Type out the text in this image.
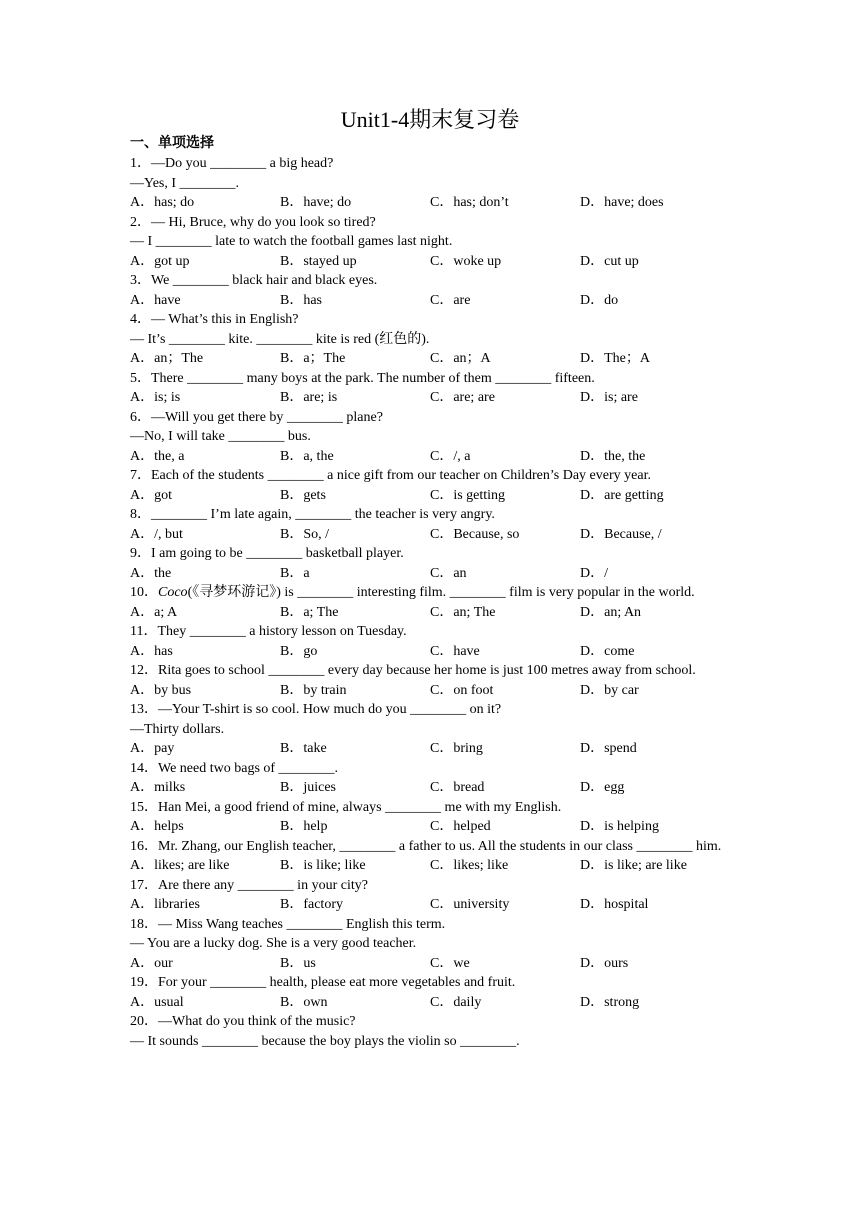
Unit1-4期末复习卷
一、单项选择
1．—Do you ________ a big head?
—Yes, I ________.
A．has; do	B．have; do	C．has; don’t	D．have; does
2．— Hi, Bruce, why do you look so tired?
— I ________ late to watch the football games last night.
A．got up	B．stayed up	C．woke up	D．cut up
3．We ________ black hair and black eyes.
A．have	B．has	C．are	D．do
4．— What’s this in English?
— It’s ________ kite. ________ kite is red (红色的).
A．an；The	B．a；The	C．an；A	D．The；A
5．There ________ many boys at the park. The number of them ________ fifteen.
A．is; is	B．are; is	C．are; are	D．is; are
6．—Will you get there by ________ plane?
—No, I will take ________ bus.
A．the, a	B．a, the	C．/, a	D．the, the
7．Each of the students ________ a nice gift from our teacher on Children’s Day every year.
A．got	B．gets	C．is getting	D．are getting
8．________ I’m late again, ________ the teacher is very angry.
A．/, but	B．So, /	C．Because, so	D．Because, /
9．I am going to be ________ basketball player.
A．the	B．a	C．an	D．/
10．Coco(《寻梦环游记》) is ________ interesting film. ________ film is very popular in the world.
A．a; A	B．a; The	C．an; The	D．an; An
11．They ________ a history lesson on Tuesday.
A．has	B．go	C．have	D．come
12．Rita goes to school ________ every day because her home is just 100 metres away from school.
A．by bus	B．by train	C．on foot	D．by car
13．—Your T-shirt is so cool. How much do you ________ on it?
—Thirty dollars.
A．pay	B．take	C．bring	D．spend
14．We need two bags of ________.
A．milks	B．juices	C．bread	D．egg
15．Han Mei, a good friend of mine, always ________ me with my English.
A．helps	B．help	C．helped	D．is helping
16．Mr. Zhang, our English teacher, ________ a father to us. All the students in our class ________ him.
A．likes; are like	B．is like; like	C．likes; like	D．is like; are like
17．Are there any ________ in your city?
A．libraries	B．factory	C．university	D．hospital
18．— Miss Wang teaches ________ English this term.
— You are a lucky dog. She is a very good teacher.
A．our	B．us	C．we	D．ours
19．For your ________ health, please eat more vegetables and fruit.
A．usual	B．own	C．daily	D．strong
20．—What do you think of the music?
— It sounds ________ because the boy plays the violin so ________.
